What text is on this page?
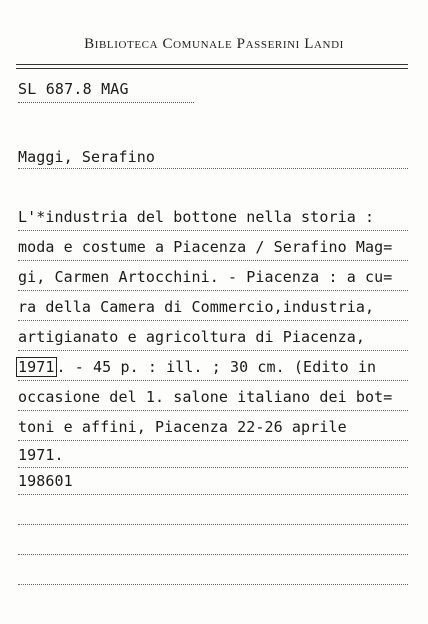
Biblioteca Comunale Passerini Landi
SL 687.8 MAG
Maggi, Serafino
L'*industria del bottone nella storia :
moda e costume a Piacenza / Serafino Mag=
gi, Carmen Artocchini. - Piacenza : a cu=
ra della Camera di Commercio,industria,
artigianato e agricoltura di Piacenza,
1971 . - 45 p. : ill. ; 30 cm. (Edito in
occasione del 1. salone italiano dei bot=
toni e affini, Piacenza 22-26 aprile
1971.
198601
